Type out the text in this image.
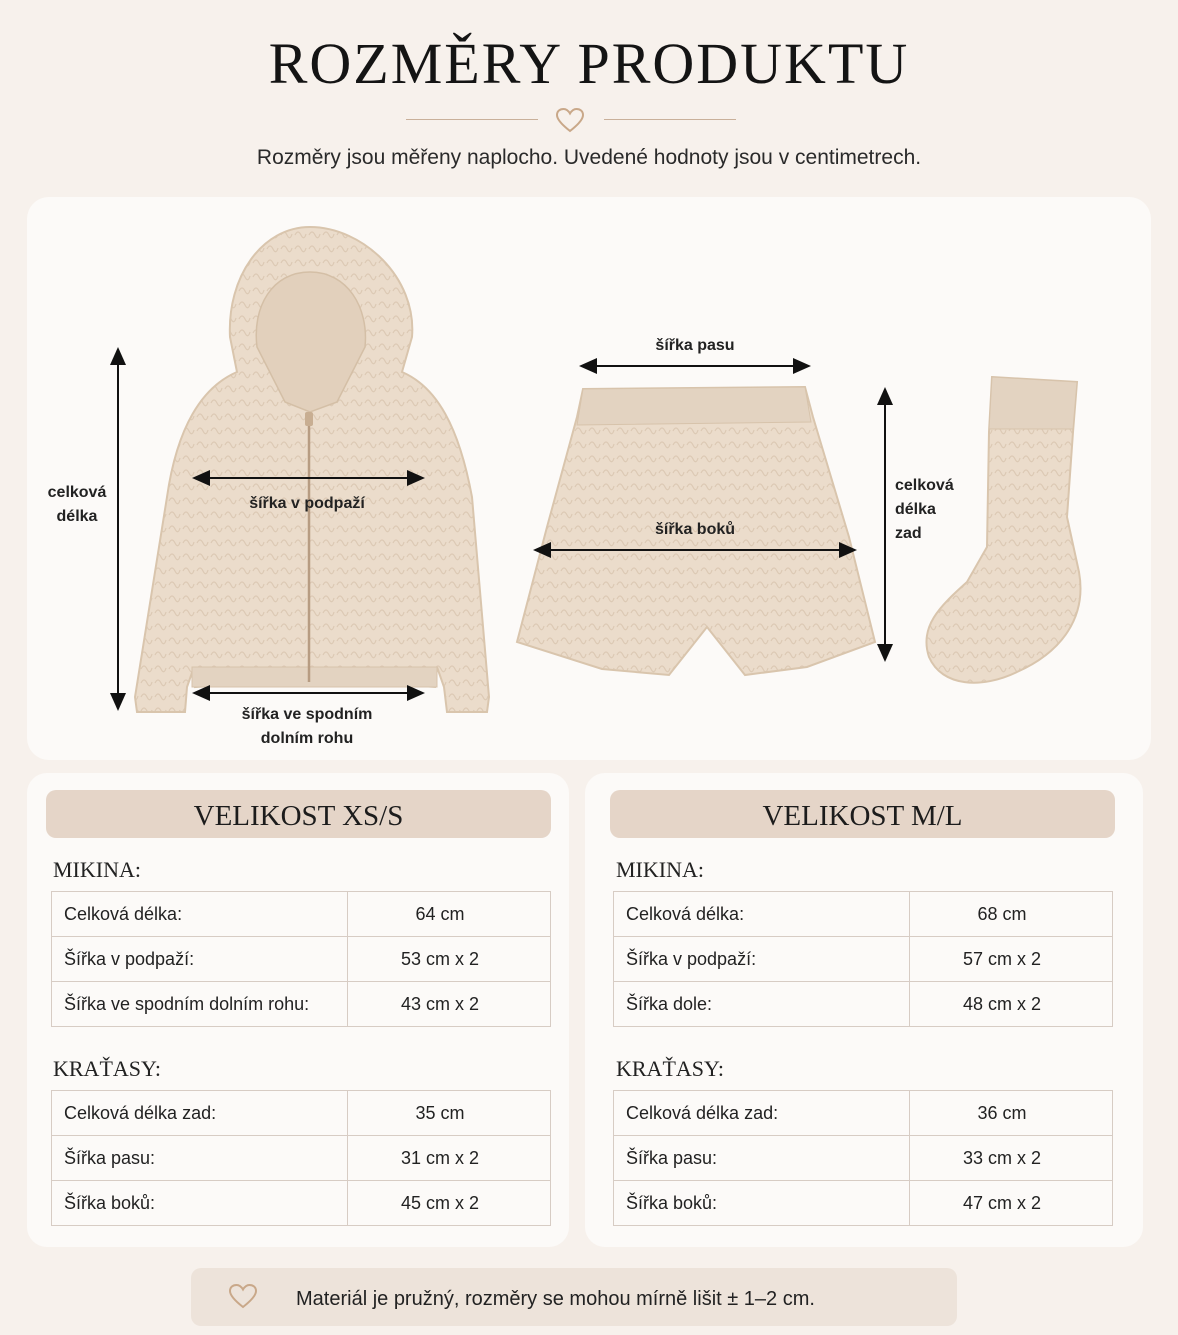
ROZMĚRY PRODUKTU
Rozměry jsou měřeny naplocho. Uvedené hodnoty jsou v centimetrech.
celková
délka
šířka v podpaží
šířka ve spodním
dolním rohu
šířka pasu
šířka boků
celková
délka
zad
VELIKOST XS/S
MIKINA:
Celková délka:	64 cm
Šířka v podpaží:	53 cm x 2
Šířka ve spodním dolním rohu:	43 cm x 2
KRAŤASY:
Celková délka zad:	35 cm
Šířka pasu:	31 cm x 2
Šířka boků:	45 cm x 2
VELIKOST M/L
MIKINA:
Celková délka:	68 cm
Šířka v podpaží:	57 cm x 2
Šířka dole:	48 cm x 2
KRAŤASY:
Celková délka zad:	36 cm
Šířka pasu:	33 cm x 2
Šířka boků:	47 cm x 2
Materiál je pružný, rozměry se mohou mírně lišit ± 1–2 cm.
